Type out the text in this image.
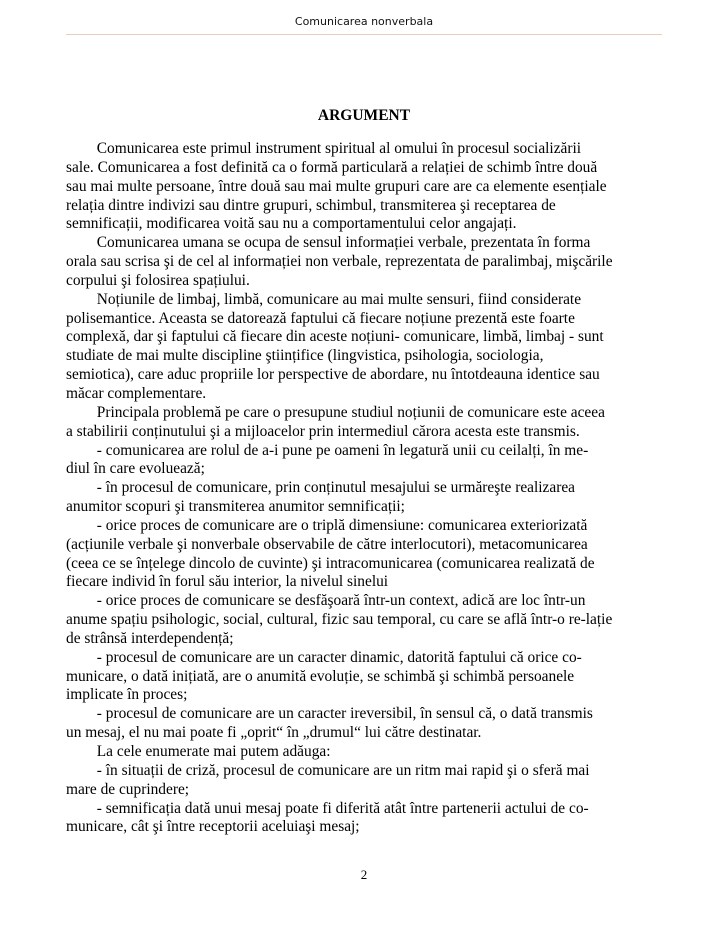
Comunicarea nonverbala
ARGUMENT
Comunicarea este primul instrument spiritual al omului în procesul socializării
sale. Comunicarea a fost definită ca o formă particulară a relației de schimb între două
sau mai multe persoane, între două sau mai multe grupuri care are ca elemente esențiale
relația dintre indivizi sau dintre grupuri, schimbul, transmiterea şi receptarea de
semnificații, modificarea voită sau nu a comportamentului celor angajați.
Comunicarea umana se ocupa de sensul informației verbale, prezentata în forma
orala sau scrisa şi de cel al informației non verbale, reprezentata de paralimbaj, mişcările
corpului şi folosirea spațiului.
Noțiunile de limbaj, limbă, comunicare au mai multe sensuri, fiind considerate
polisemantice. Aceasta se datorează faptului că fiecare noțiune prezentă este foarte
complexă, dar şi faptului că fiecare din aceste noțiuni- comunicare, limbă, limbaj - sunt
studiate de mai multe discipline ştiințifice (lingvistica, psihologia, sociologia,
semiotica), care aduc propriile lor perspective de abordare, nu întotdeauna identice sau
măcar complementare.
Principala problemă pe care o presupune studiul noțiunii de comunicare este aceea
a stabilirii conținutului şi a mijloacelor prin intermediul cărora acesta este transmis.
- comunicarea are rolul de a-i pune pe oameni în legatură unii cu ceilalți, în me-
diul în care evoluează;
- în procesul de comunicare, prin conținutul mesajului se urmăreşte realizarea
anumitor scopuri şi transmiterea anumitor semnificații;
- orice proces de comunicare are o triplă dimensiune: comunicarea exteriorizată
(acțiunile verbale şi nonverbale observabile de către interlocutori), metacomunicarea
(ceea ce se înțelege dincolo de cuvinte) şi intracomunicarea (comunicarea realizată de
fiecare individ în forul său interior, la nivelul sinelui
- orice proces de comunicare se desfăşoară într-un context, adică are loc într-un
anume spațiu psihologic, social, cultural, fizic sau temporal, cu care se află într-o re-lație
de strânsă interdependență;
- procesul de comunicare are un caracter dinamic, datorită faptului că orice co-
municare, o dată inițiată, are o anumită evoluție, se schimbă şi schimbă persoanele
implicate în proces;
- procesul de comunicare are un caracter ireversibil, în sensul că, o dată transmis
un mesaj, el nu mai poate fi „oprit“ în „drumul“ lui către destinatar.
La cele enumerate mai putem adăuga:
- în situații de criză, procesul de comunicare are un ritm mai rapid şi o sferă mai
mare de cuprindere;
- semnificația dată unui mesaj poate fi diferită atât între partenerii actului de co-
municare, cât şi între receptorii aceluiaşi mesaj;
2
